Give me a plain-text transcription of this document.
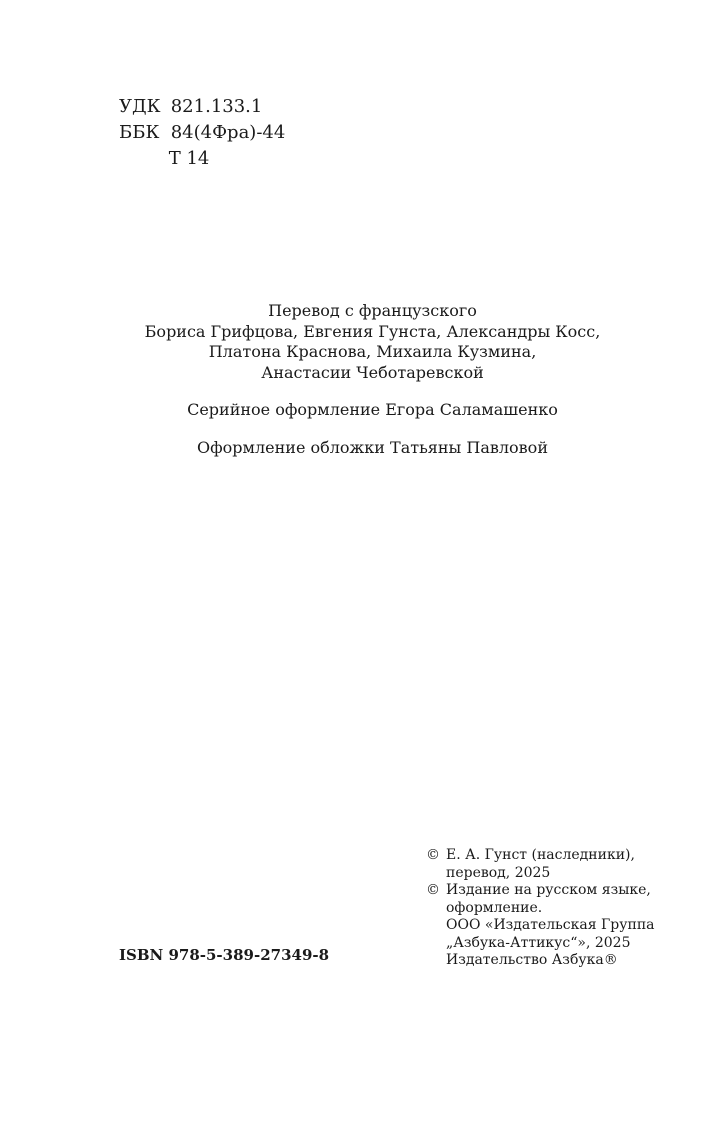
УДК 821.133.1
ББК 84(4Фра)-44
Т 14

Перевод с французского

Бориса Грифцова, Евгения Гунста, Александры Косс,

Платона Краснова, Михаила Кузмина,

Анастасии Чеботаревской

Серийное оформление Егора Саламашенко

Оформление обложки Татьяны Павловой

© Е. А. Гунст (наследники),
перевод, 2025
© Издание на русском языке,
оформление.
ООО «Издательская Группа
„Азбука-Аттикус“», 2025
Издательство Азбука®
ISBN 978-5-389-27349-8
